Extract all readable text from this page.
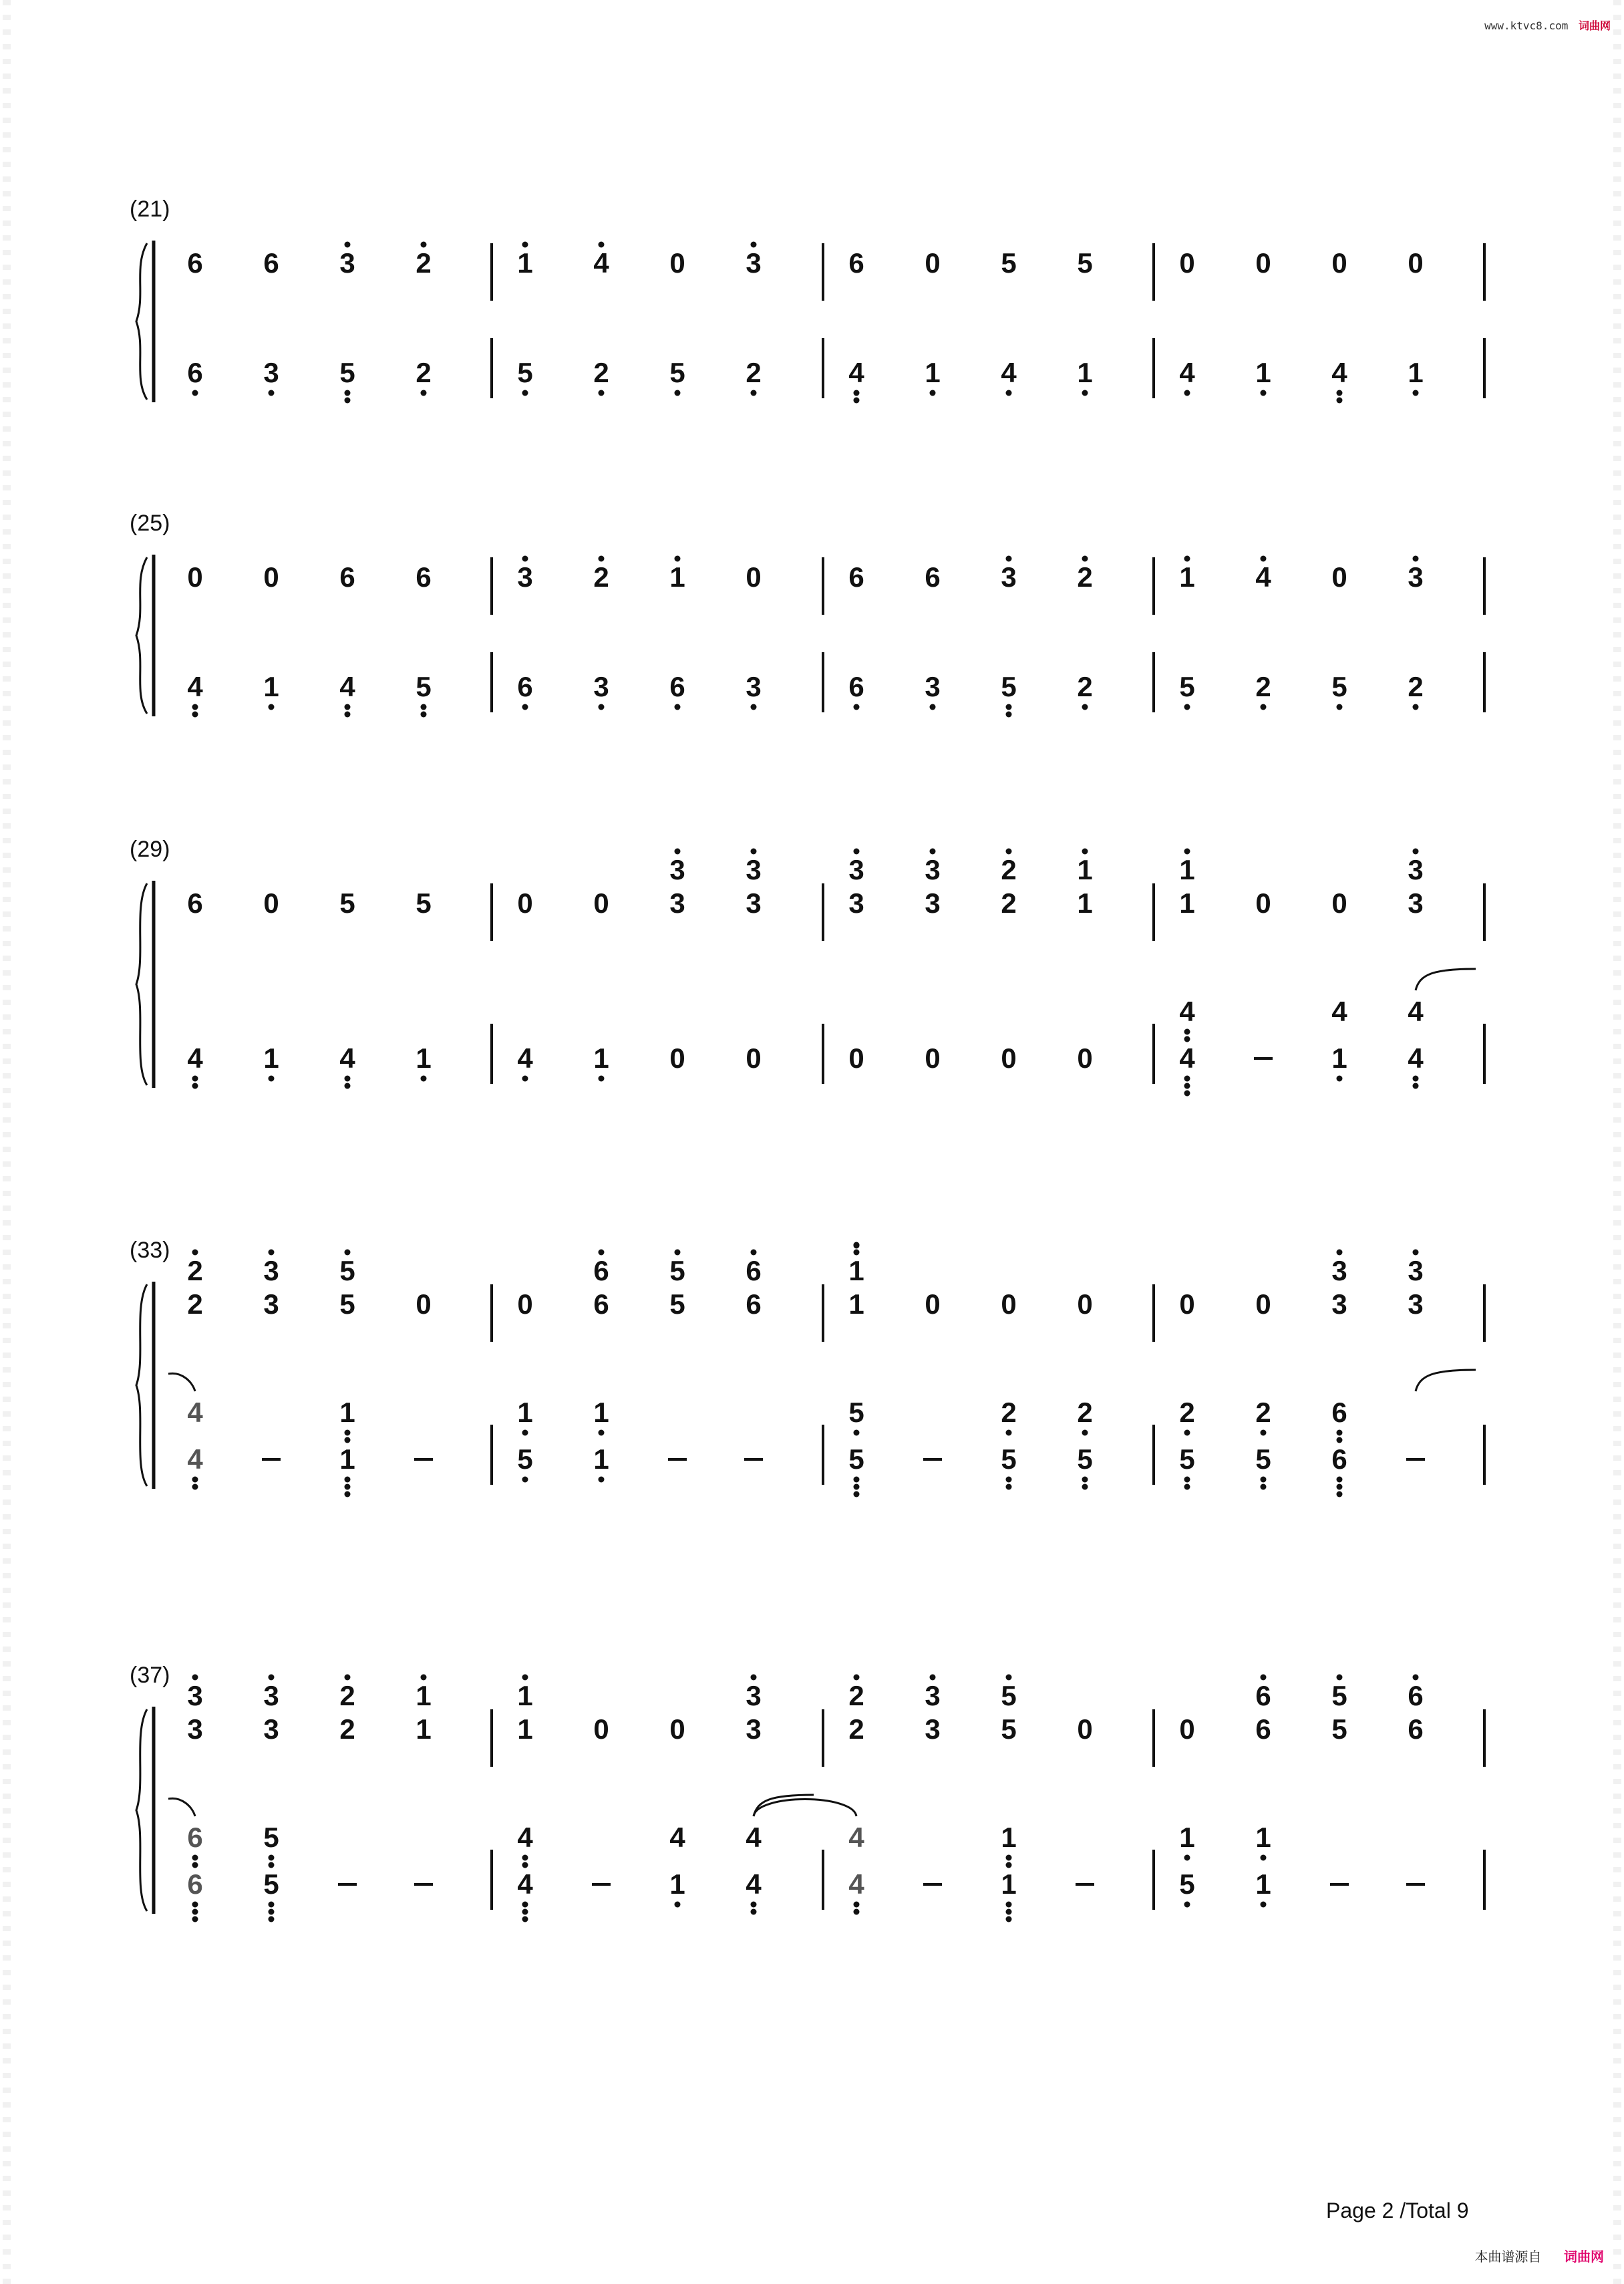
www.ktvc8.com 词曲网
(21)
6 6 3 2
6 3 5 2
1 4 0 3
5 2 5 2
6 0 5 5
4 1 4 1
0 0 0 0
4 1 4 1
(25)
0 0 6 6
4 1 4 5
3 2 1 0
6 3 6 3
6 6 3 2
6 3 5 2
1 4 0 3
5 2 5 2
(29)
6 0 5 5
4 1 4 1
0 0
3
3
3
3
4 1 0 0
3
3
3
3
2
2
1
1
0 0 0 0
1
1 0 0
3
3
4
4
4
1
4
4
(33)
2
2
3
3
5
5 0
4
4
1
1
0
6
6
5
5
6
6
1
5
1
1
1
1 0 0 0
5
5
2
5
2
5
0 0
3
3
3
3
2
5
2
5
6
6
(37)
3
3
3
3
2
2
1
1
6
6
5
5
1
1 0 0
3
3
4
4
4
1
4
4
2
2
3
3
5
5 0
4
4
1
1
0
6
6
5
5
6
6
1
5
1
1
Page 2 /Total 9
本曲谱源自 词曲网
